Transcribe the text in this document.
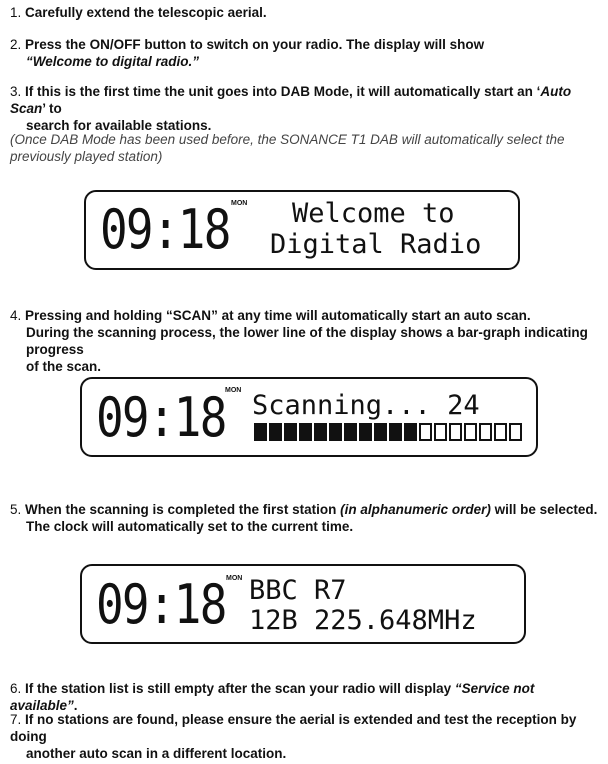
1. Carefully extend the telescopic aerial.
2. Press the ON/OFF button to switch on your radio. The display will show
“Welcome to digital radio.”
3. If this is the first time the unit goes into DAB Mode, it will automatically start an ‘Auto Scan’ to
search for available stations.
(Once DAB Mode has been used before, the SONANCE T1 DAB will automatically select the previously played station)
09:18 MON Welcome to
Digital Radio
4. Pressing and holding “SCAN” at any time will automatically start an auto scan.
During the scanning process, the lower line of the display shows a bar-graph indicating progress
of the scan.
09:18 MON Scanning... 24
5. When the scanning is completed the first station (in alphanumeric order) will be selected.
The clock will automatically set to the current time.
09:18 MON BBC R7
12B 225.648MHz
6. If the station list is still empty after the scan your radio will display “Service not available”.
7. If no stations are found, please ensure the aerial is extended and test the reception by doing
another auto scan in a different location.
